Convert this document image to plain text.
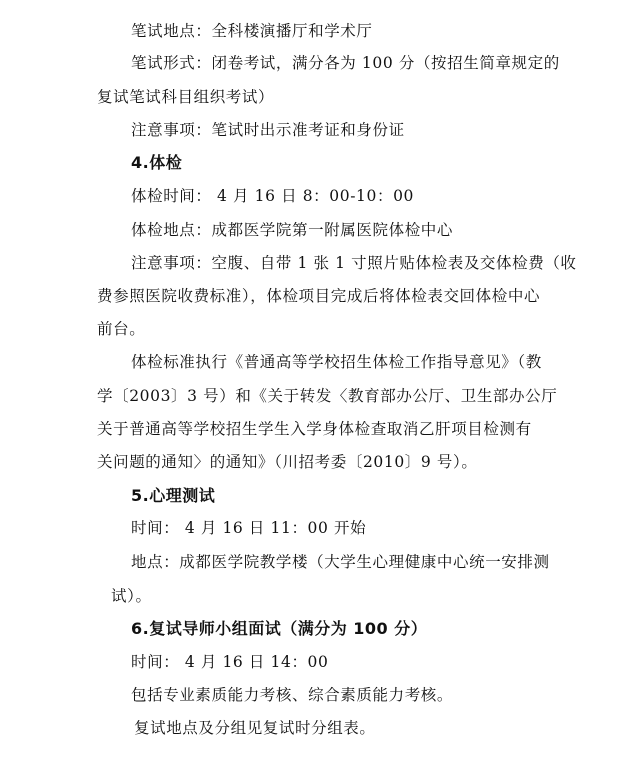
笔试地点：全科楼演播厅和学术厅
笔试形式：闭卷考试，满分各为 100 分（按招生简章规定的
复试笔试科目组织考试）
注意事项：笔试时出示准考证和身份证
4.体检
体检时间： 4 月 16 日 8：00-10：00
体检地点：成都医学院第一附属医院体检中心
注意事项：空腹、自带 1 张 1 寸照片贴体检表及交体检费（收
费参照医院收费标准），体检项目完成后将体检表交回体检中心
前台。
体检标准执行《普通高等学校招生体检工作指导意见》（教
学〔2003〕3 号）和《关于转发〈教育部办公厅、卫生部办公厅
关于普通高等学校招生学生入学身体检查取消乙肝项目检测有
关问题的通知〉的通知》（川招考委〔2010〕9 号）。
5.心理测试
时间： 4 月 16 日 11：00 开始
地点：成都医学院教学楼（大学生心理健康中心统一安排测
试）。
6.复试导师小组面试（满分为 100 分）
时间： 4 月 16 日 14：00
包括专业素质能力考核、综合素质能力考核。
复试地点及分组见复试时分组表。
